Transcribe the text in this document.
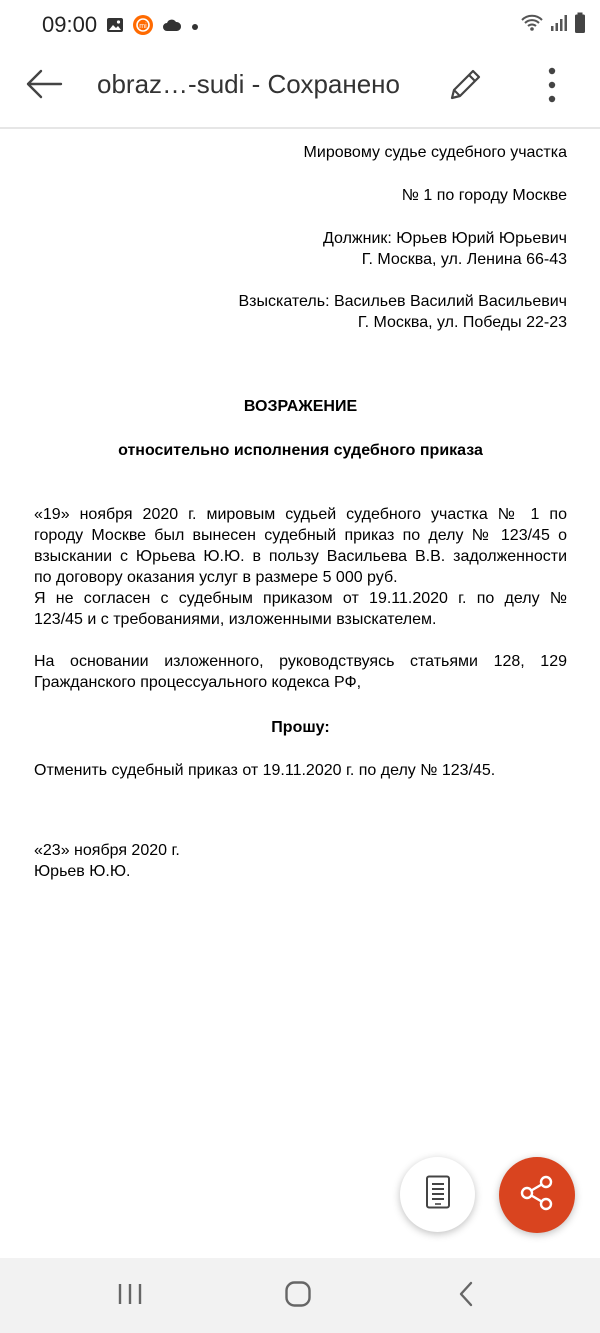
09:00	mi
obraz…-sudi - Сохранено
Мировому судье судебного участка
№ 1 по городу Москве
Должник: Юрьев Юрий Юрьевич
Г. Москва, ул. Ленина 66-43
Взыскатель: Васильев Василий Васильевич
Г. Москва, ул. Победы 22-23
ВОЗРАЖЕНИЕ
относительно исполнения судебного приказа
«19» ноября 2020 г. мировым судьей судебного участка № 1 по
городу Москве был вынесен судебный приказ по делу № 123/45 о
взыскании с Юрьева Ю.Ю. в пользу Васильева В.В. задолженности
по договору оказания услуг в размере 5 000 руб.
Я не согласен с судебным приказом от 19.11.2020 г. по делу №
123/45 и с требованиями, изложенными взыскателем.
На основании изложенного, руководствуясь статьями 128, 129
Гражданского процессуального кодекса РФ,
Прошу:
Отменить судебный приказ от 19.11.2020 г. по делу № 123/45.
«23» ноября 2020 г.
Юрьев Ю.Ю.
